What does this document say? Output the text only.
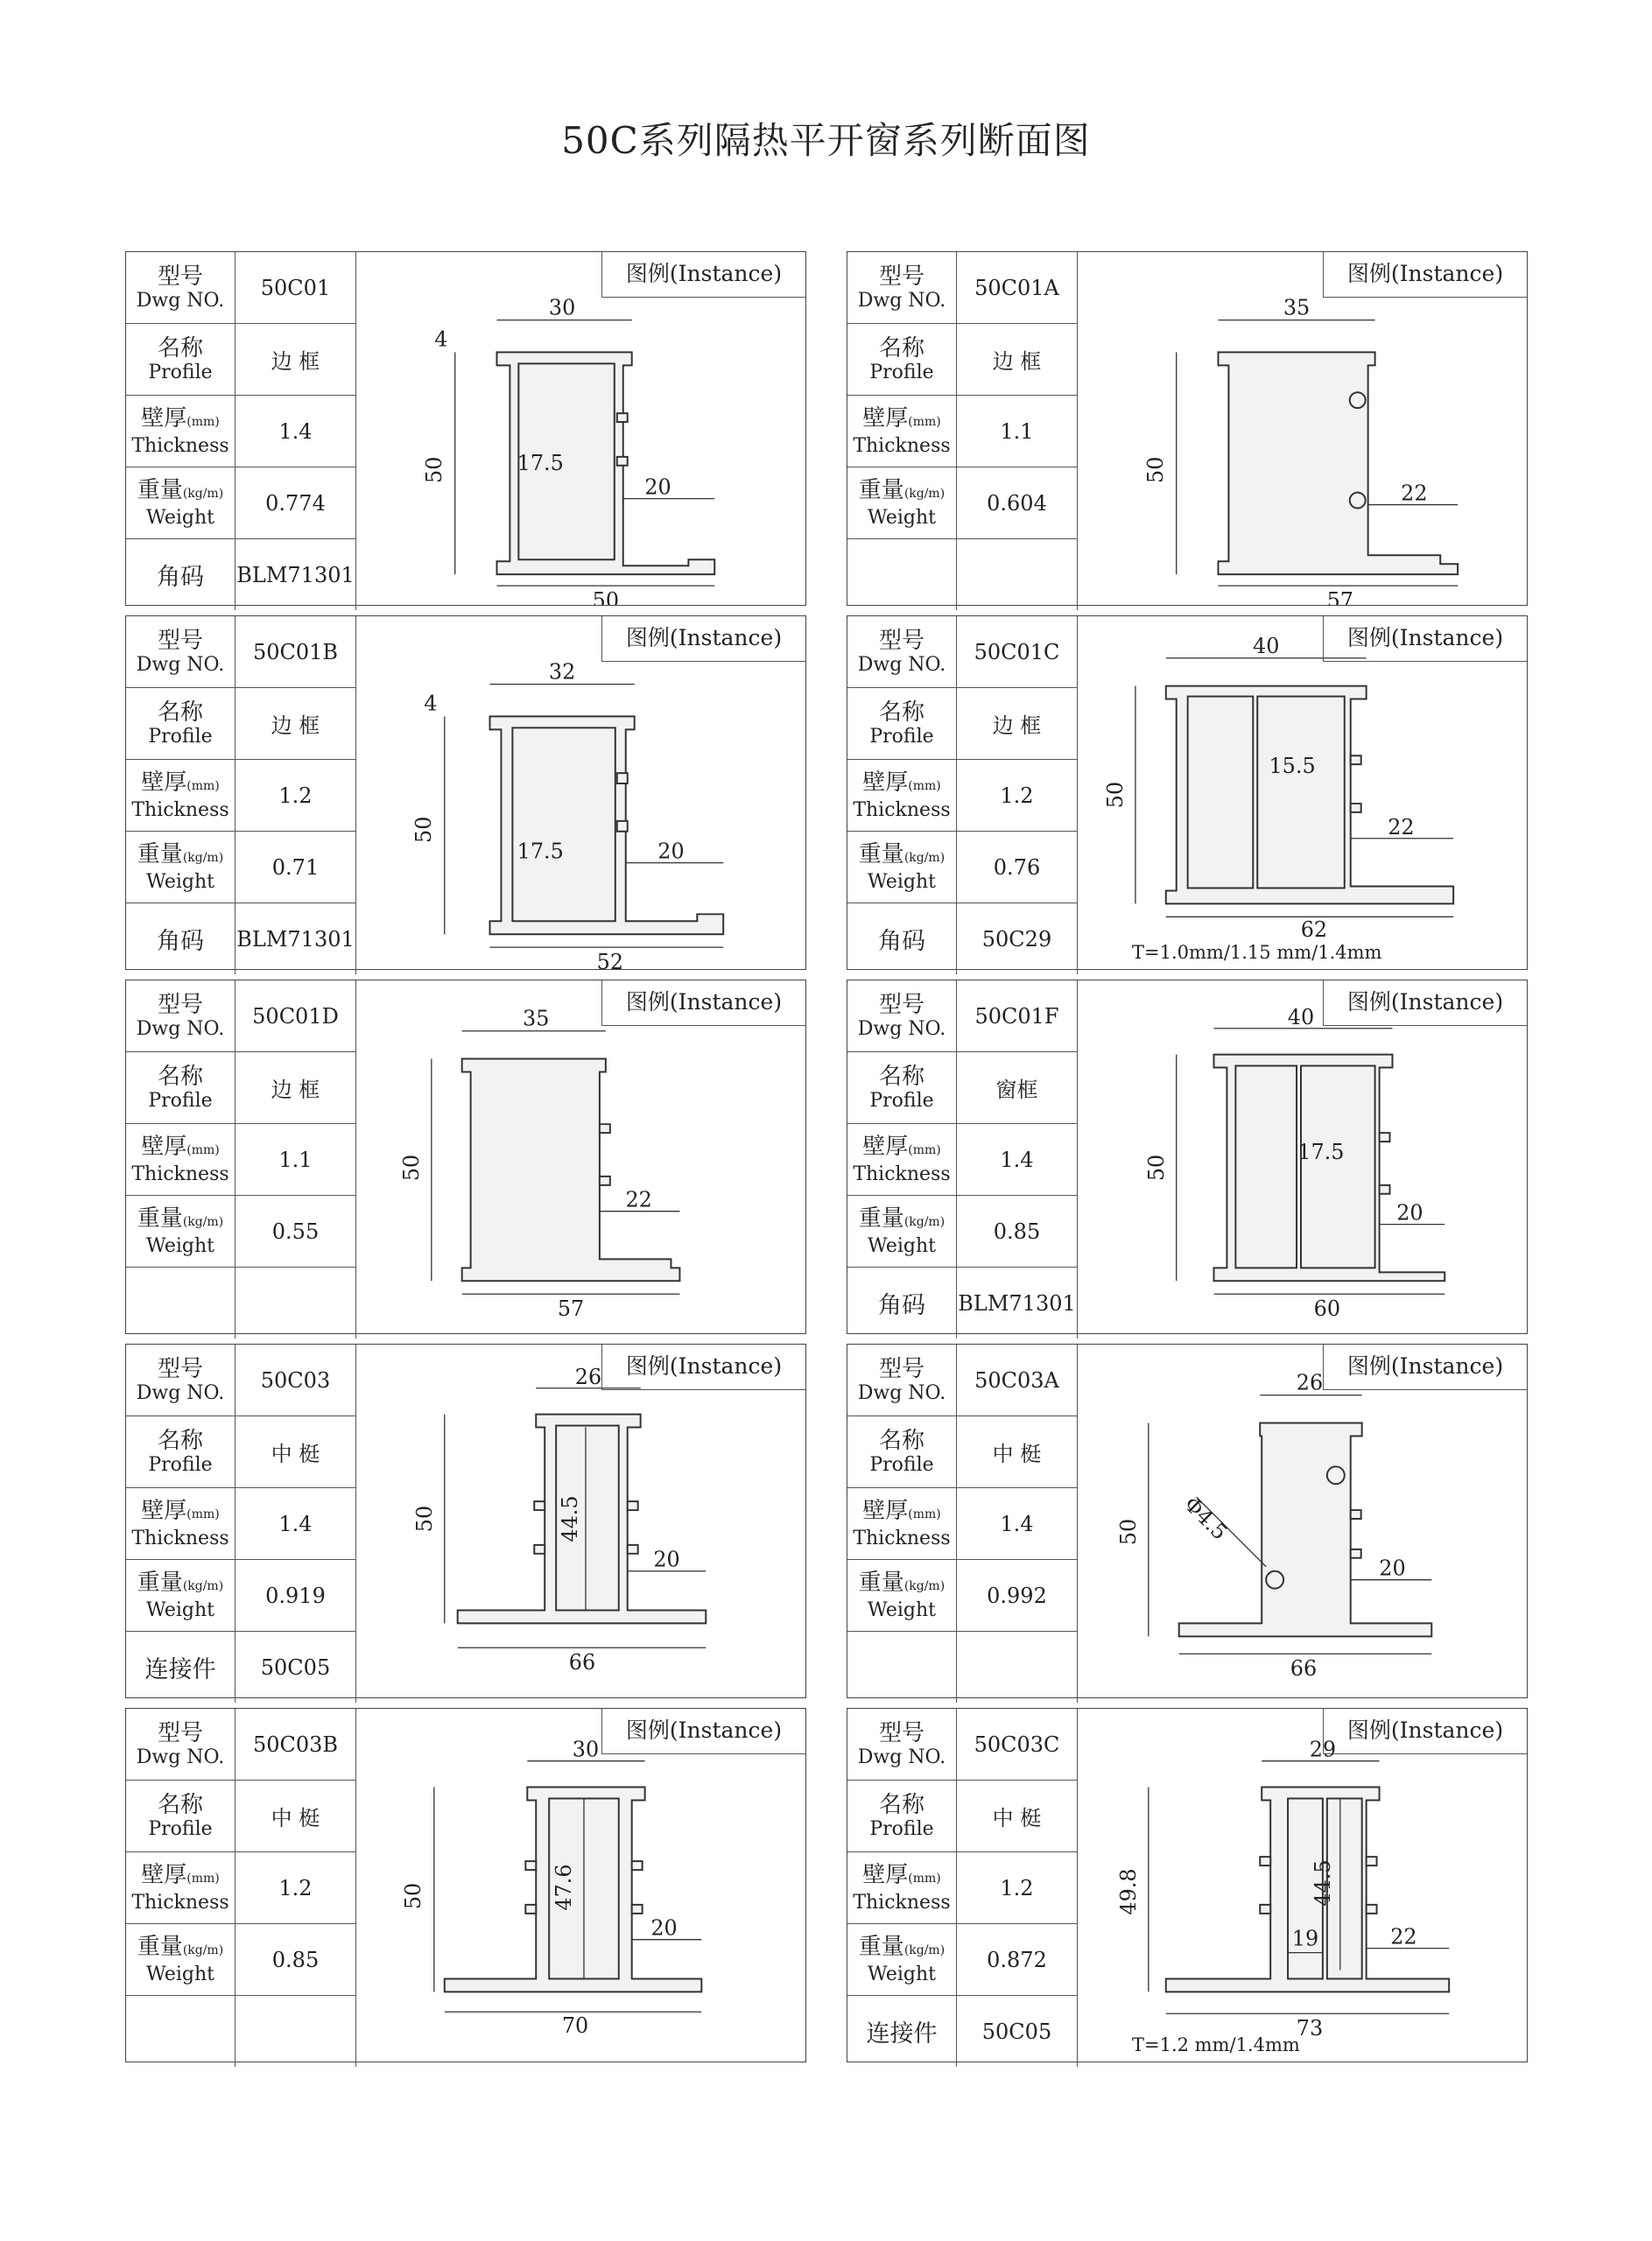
50C系列隔热平开窗系列断面图
型号
Dwg NO.	50C01

名称
Profile	边 框

壁厚(mm)
Thickness	1.4

重量(kg/m)
Weight	0.774
角码	BLM71301
图例(Instance)
30
4
50	17.5
20
50
型号
Dwg NO.	50C01A

名称
Profile	边 框

壁厚(mm)
Thickness	1.1

重量(kg/m)
Weight	0.604

图例(Instance)
35
50
22
57
型号
Dwg NO.	50C01B

名称
Profile	边 框

壁厚(mm)
Thickness	1.2

重量(kg/m)
Weight	0.71
角码	BLM71301
图例(Instance)
32
4
50
17.5	20
52
型号
Dwg NO.	50C01C

名称
Profile	边 框

壁厚(mm)
Thickness	1.2

重量(kg/m)
Weight	0.76
角码	50C29
图例(Instance)
40
50
15.5
22
62
T=1.0mm/1.15 mm/1.4mm
型号
Dwg NO.	50C01D

名称
Profile	边 框

壁厚(mm)
Thickness	1.1

重量(kg/m)
Weight	0.55

图例(Instance)
35
50
22
57
型号
Dwg NO.	50C01F

名称
Profile	窗框

壁厚(mm)
Thickness	1.4

重量(kg/m)
Weight	0.85
角码	BLM71301
图例(Instance)
40
50
17.5
20
60
型号
Dwg NO.	50C03

名称
Profile	中 梃

壁厚(mm)
Thickness	1.4

重量(kg/m)
Weight	0.919
连接件	50C05
图例(Instance)
26
50	44.5
20
66
型号
Dwg NO.	50C03A

名称
Profile	中 梃

壁厚(mm)
Thickness	1.4

重量(kg/m)
Weight	0.992

图例(Instance)
26
50 Φ4.5
20
66
型号
Dwg NO.	50C03B

名称
Profile	中 梃

壁厚(mm)
Thickness	1.2

重量(kg/m)
Weight	0.85

图例(Instance)
30
50	47.6
20
70
型号
Dwg NO.	50C03C

名称
Profile	中 梃

壁厚(mm)
Thickness	1.2

重量(kg/m)
Weight	0.872
连接件	50C05
图例(Instance)
29
49.8	44.5
19	22
73
T=1.2 mm/1.4mm
